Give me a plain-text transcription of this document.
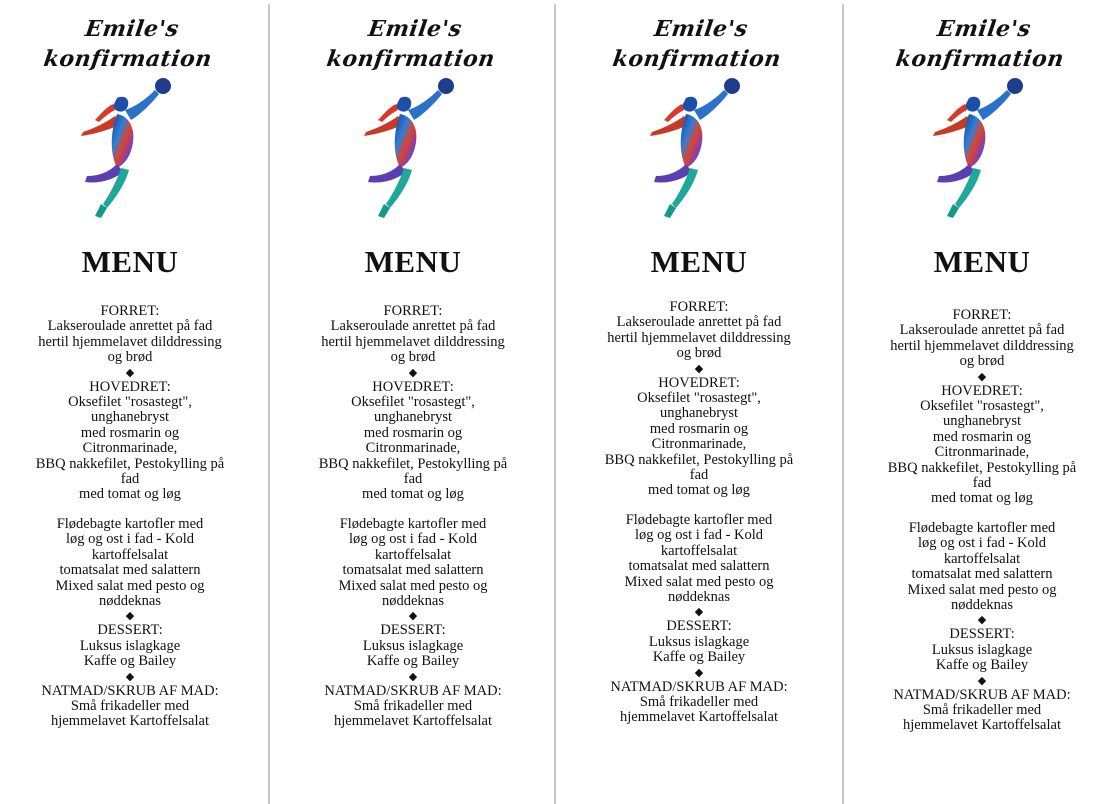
Emile's
konfirmation
MENU
FORRET:
Lakseroulade anrettet på fad
hertil hjemmelavet dilddressing
og brød
◆
HOVEDRET:
Oksefilet "rosastegt",
unghanebryst
med rosmarin og
Citronmarinade,
BBQ nakkefilet, Pestokylling på
fad
med tomat og løg
Flødebagte kartofler med
løg og ost i fad - Kold
kartoffelsalat
tomatsalat med salattern
Mixed salat med pesto og
nøddeknas
◆
DESSERT:
Luksus islagkage
Kaffe og Bailey
◆
NATMAD/SKRUB AF MAD:
Små frikadeller med
hjemmelavet Kartoffelsalat
Emile's
konfirmation
MENU
FORRET:
Lakseroulade anrettet på fad
hertil hjemmelavet dilddressing
og brød
◆
HOVEDRET:
Oksefilet "rosastegt",
unghanebryst
med rosmarin og
Citronmarinade,
BBQ nakkefilet, Pestokylling på
fad
med tomat og løg
Flødebagte kartofler med
løg og ost i fad - Kold
kartoffelsalat
tomatsalat med salattern
Mixed salat med pesto og
nøddeknas
◆
DESSERT:
Luksus islagkage
Kaffe og Bailey
◆
NATMAD/SKRUB AF MAD:
Små frikadeller med
hjemmelavet Kartoffelsalat
Emile's
konfirmation
MENU
FORRET:
Lakseroulade anrettet på fad
hertil hjemmelavet dilddressing
og brød
◆
HOVEDRET:
Oksefilet "rosastegt",
unghanebryst
med rosmarin og
Citronmarinade,
BBQ nakkefilet, Pestokylling på
fad
med tomat og løg
Flødebagte kartofler med
løg og ost i fad - Kold
kartoffelsalat
tomatsalat med salattern
Mixed salat med pesto og
nøddeknas
◆
DESSERT:
Luksus islagkage
Kaffe og Bailey
◆
NATMAD/SKRUB AF MAD:
Små frikadeller med
hjemmelavet Kartoffelsalat
Emile's
konfirmation
MENU
FORRET:
Lakseroulade anrettet på fad
hertil hjemmelavet dilddressing
og brød
◆
HOVEDRET:
Oksefilet "rosastegt",
unghanebryst
med rosmarin og
Citronmarinade,
BBQ nakkefilet, Pestokylling på
fad
med tomat og løg
Flødebagte kartofler med
løg og ost i fad - Kold
kartoffelsalat
tomatsalat med salattern
Mixed salat med pesto og
nøddeknas
◆
DESSERT:
Luksus islagkage
Kaffe og Bailey
◆
NATMAD/SKRUB AF MAD:
Små frikadeller med
hjemmelavet Kartoffelsalat
